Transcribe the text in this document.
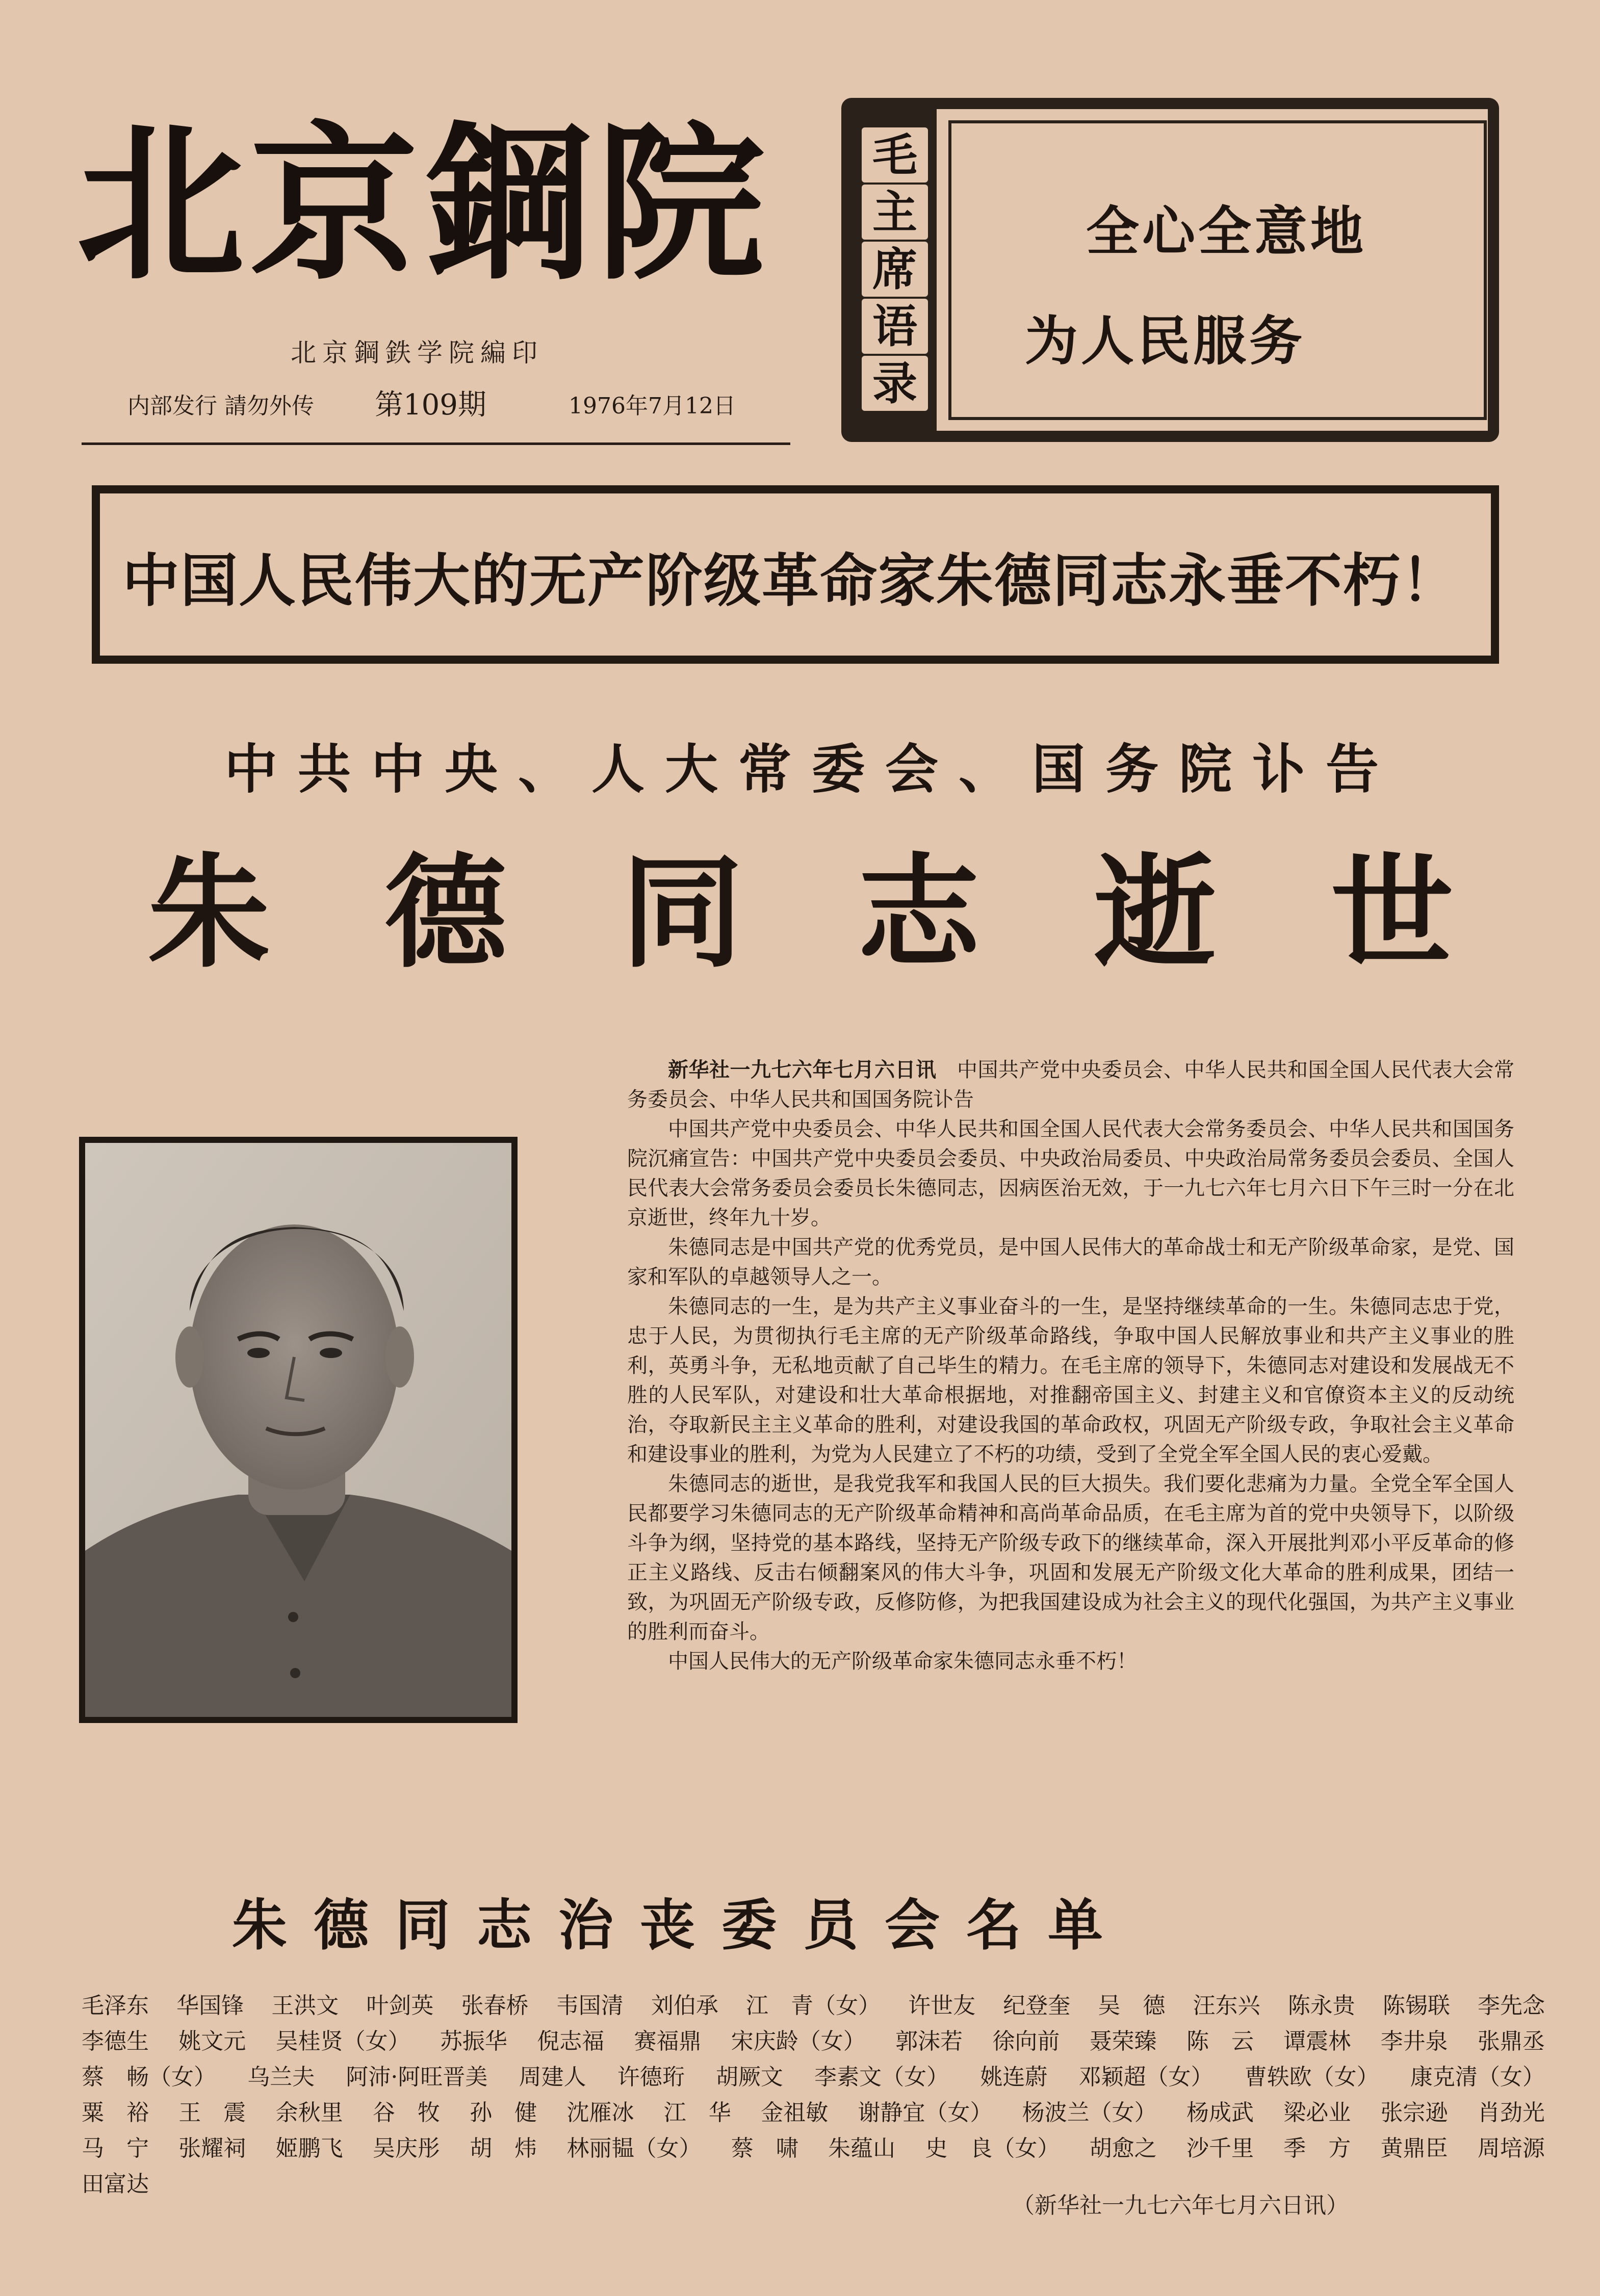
北京鋼院
北京鋼鉄学院編印
内部发行 請勿外传 第109期	1976年7月12日
毛
主
席
语
录
全心全意地
为人民服务
中国人民伟大的无产阶级革命家朱德同志永垂不朽！
中共中央、人大常委会、国务院讣告
朱 德 同 志 逝 世

新华社一九七六年七月六日讯　 中国共产党中央委员会、中华人民共和国全国人民代表大会常务委员会、中华人民共和国国务院讣告

中国共产党中央委员会、中华人民共和国全国人民代表大会常务委员会、中华人民共和国国务院沉痛宣告：中国共产党中央委员会委员、中央政治局委员、中央政治局常务委员会委员、全国人民代表大会常务委员会委员长朱德同志，因病医治无效，于一九七六年七月六日下午三时一分在北京逝世，终年九十岁。

朱德同志是中国共产党的优秀党员，是中国人民伟大的革命战士和无产阶级革命家，是党、国家和军队的卓越领导人之一。

朱德同志的一生，是为共产主义事业奋斗的一生，是坚持继续革命的一生。朱德同志忠于党，忠于人民，为贯彻执行毛主席的无产阶级革命路线，争取中国人民解放事业和共产主义事业的胜利，英勇斗争，无私地贡献了自己毕生的精力。在毛主席的领导下，朱德同志对建设和发展战无不胜的人民军队，对建设和壮大革命根据地，对推翻帝国主义、封建主义和官僚资本主义的反动统治，夺取新民主主义革命的胜利，对建设我国的革命政权，巩固无产阶级专政，争取社会主义革命和建设事业的胜利，为党为人民建立了不朽的功绩，受到了全党全军全国人民的衷心爱戴。

朱德同志的逝世，是我党我军和我国人民的巨大损失。我们要化悲痛为力量。全党全军全国人民都要学习朱德同志的无产阶级革命精神和高尚革命品质，在毛主席为首的党中央领导下，以阶级斗争为纲，坚持党的基本路线，坚持无产阶级专政下的继续革命，深入开展批判邓小平反革命的修正主义路线、反击右倾翻案风的伟大斗争，巩固和发展无产阶级文化大革命的胜利成果，团结一致，为巩固无产阶级专政，反修防修，为把我国建设成为社会主义的现代化强国，为共产主义事业的胜利而奋斗。

中国人民伟大的无产阶级革命家朱德同志永垂不朽！

朱德同志治丧委员会名单
毛泽东 华国锋 王洪文 叶剑英 张春桥 韦国清 刘伯承 江　青（女） 许世友 纪登奎 吴　德 汪东兴 陈永贵 陈锡联 李先念
李德生 姚文元 吴桂贤（女） 苏振华 倪志福 赛福鼎 宋庆龄（女） 郭沫若 徐向前 聂荣臻 陈　云 谭震林 李井泉 张鼎丞
蔡　畅（女） 乌兰夫 阿沛·阿旺晋美 周建人 许德珩 胡厥文 李素文（女） 姚连蔚 邓颖超（女） 曹轶欧（女） 康克清（女）
粟　裕 王　震 余秋里 谷　牧 孙　健 沈雁冰 江　华 金祖敏 谢静宜（女） 杨波兰（女） 杨成武 梁必业 张宗逊 肖劲光
马　宁 张耀祠 姬鹏飞 吴庆彤 胡　炜 林丽韫（女） 蔡　啸 朱蕴山 史　良（女） 胡愈之 沙千里 季　方 黄鼎臣 周培源
田富达
（新华社一九七六年七月六日讯）
